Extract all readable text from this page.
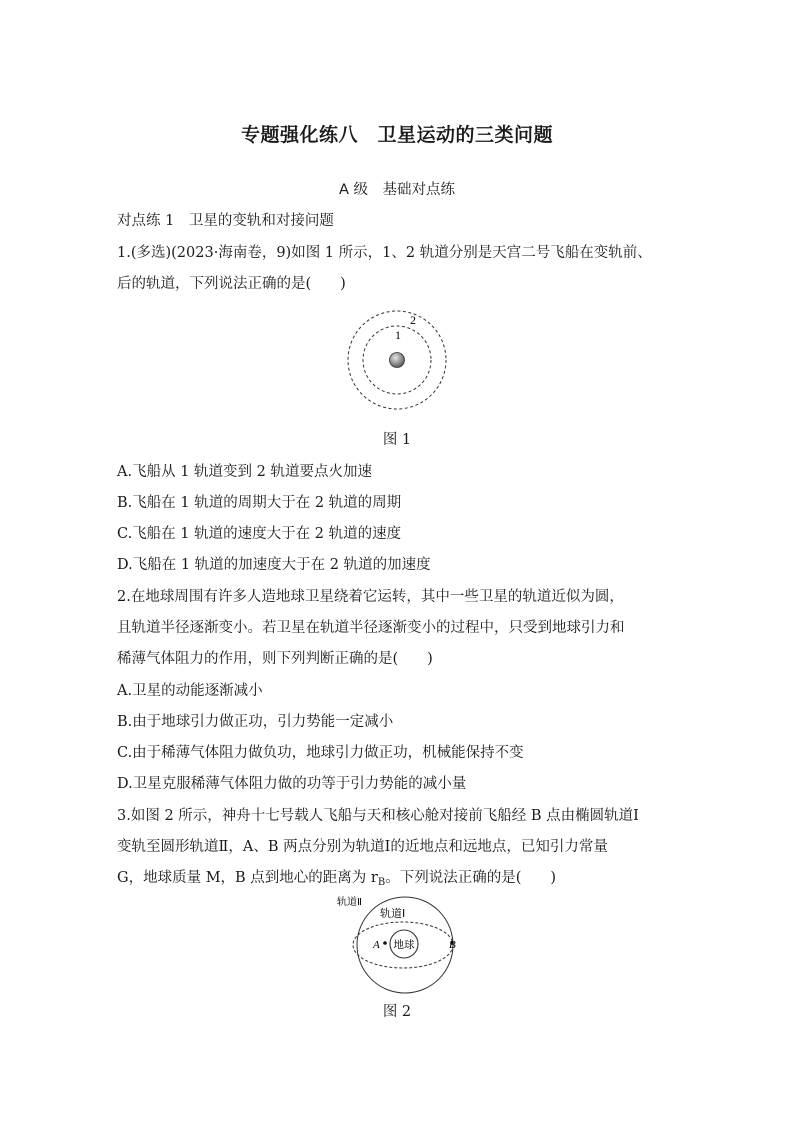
专题强化练八　卫星运动的三类问题
A 级　基础对点练
对点练 1　卫星的变轨和对接问题
1.(多选)(2023·海南卷，9)如图 1 所示，1、2 轨道分别是天宫二号飞船在变轨前、
后的轨道，下列说法正确的是(　　)
1
2
图 1
A.飞船从 1 轨道变到 2 轨道要点火加速
B.飞船在 1 轨道的周期大于在 2 轨道的周期
C.飞船在 1 轨道的速度大于在 2 轨道的速度
D.飞船在 1 轨道的加速度大于在 2 轨道的加速度
2.在地球周围有许多人造地球卫星绕着它运转，其中一些卫星的轨道近似为圆，
且轨道半径逐渐变小。若卫星在轨道半径逐渐变小的过程中，只受到地球引力和
稀薄气体阻力的作用，则下列判断正确的是(　　)
A.卫星的动能逐渐减小
B.由于地球引力做正功，引力势能一定减小
C.由于稀薄气体阻力做负功，地球引力做正功，机械能保持不变
D.卫星克服稀薄气体阻力做的功等于引力势能的减小量
3.如图 2 所示，神舟十七号载人飞船与天和核心舱对接前飞船经 B 点由椭圆轨道Ⅰ
变轨至圆形轨道Ⅱ，A、B 两点分别为轨道Ⅰ的近地点和远地点，已知引力常量
G，地球质量 M，B 点到地心的距离为 $r_B$。下列说法正确的是(　　)
地球
A	B
轨道Ⅱ
轨道Ⅰ
图 2
